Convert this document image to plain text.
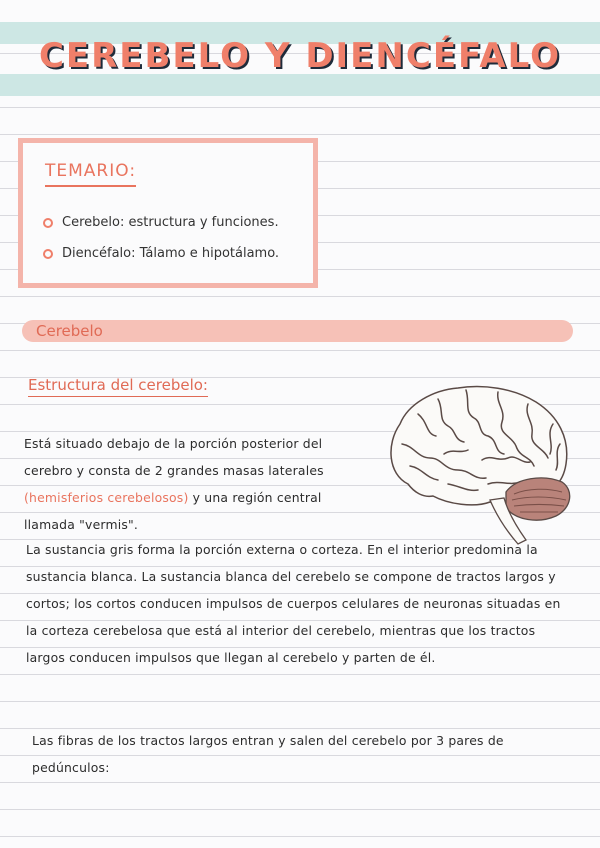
CEREBELO Y DIENCÉFALO
TEMARIO:
Cerebelo: estructura y funciones.
Diencéfalo: Tálamo e hipotálamo.
Cerebelo
Estructura del cerebelo:
Está situado debajo de la porción posterior del cerebro y consta de 2 grandes masas laterales (hemisferios cerebelosos) y una región central llamada "vermis".
La sustancia gris forma la porción externa o corteza. En el interior predomina la sustancia blanca. La sustancia blanca del cerebelo se compone de tractos largos y cortos; los cortos conducen impulsos de cuerpos celulares de neuronas situadas en la corteza cerebelosa que está al interior del cerebelo, mientras que los tractos largos conducen impulsos que llegan al cerebelo y parten de él.
Las fibras de los tractos largos entran y salen del cerebelo por 3 pares de pedúnculos:
